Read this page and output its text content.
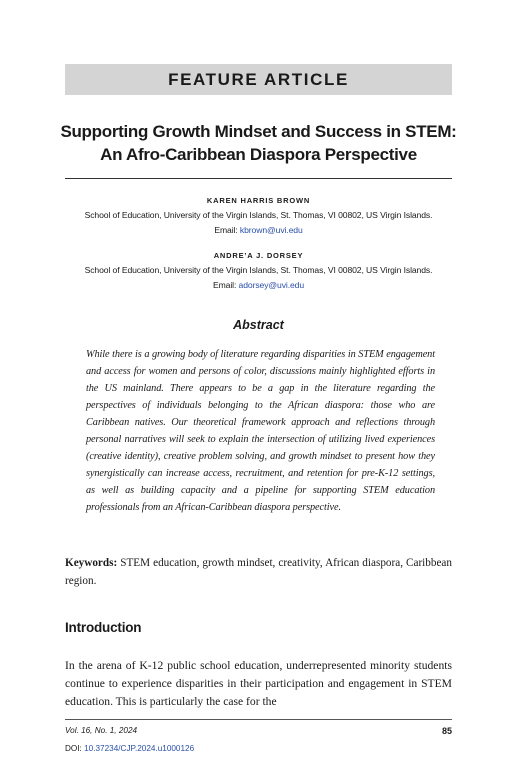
FEATURE ARTICLE
Supporting Growth Mindset and Success in STEM:
An Afro-Caribbean Diaspora Perspective
KAREN HARRIS BROWN
School of Education, University of the Virgin Islands, St. Thomas, VI 00802, US Virgin Islands.
Email: kbrown@uvi.edu
ANDRE’A J. DORSEY
School of Education, University of the Virgin Islands, St. Thomas, VI 00802, US Virgin Islands.
Email: adorsey@uvi.edu
Abstract
While there is a growing body of literature regarding disparities in STEM engagement and access for women and persons of color, discussions mainly highlighted efforts in the US mainland. There appears to be a gap in the literature regarding the perspectives of individuals belonging to the African diaspora: those who are Caribbean natives. Our theoretical framework approach and reflections through personal narratives will seek to explain the intersection of utilizing lived experiences (creative identity), creative problem solving, and growth mindset to present how they synergistically can increase access, recruitment, and retention for pre-K-12 settings, as well as building capacity and a pipeline for supporting STEM education professionals from an African-Caribbean diaspora perspective.
Keywords: STEM education, growth mindset, creativity, African diaspora, Caribbean region.
Introduction
In the arena of K-12 public school education, underrepresented minority students continue to experience disparities in their participation and engagement in STEM education. This is particularly the case for the
Vol. 16, No. 1, 2024	85
DOI: 10.37234/CJP.2024.u1000126
